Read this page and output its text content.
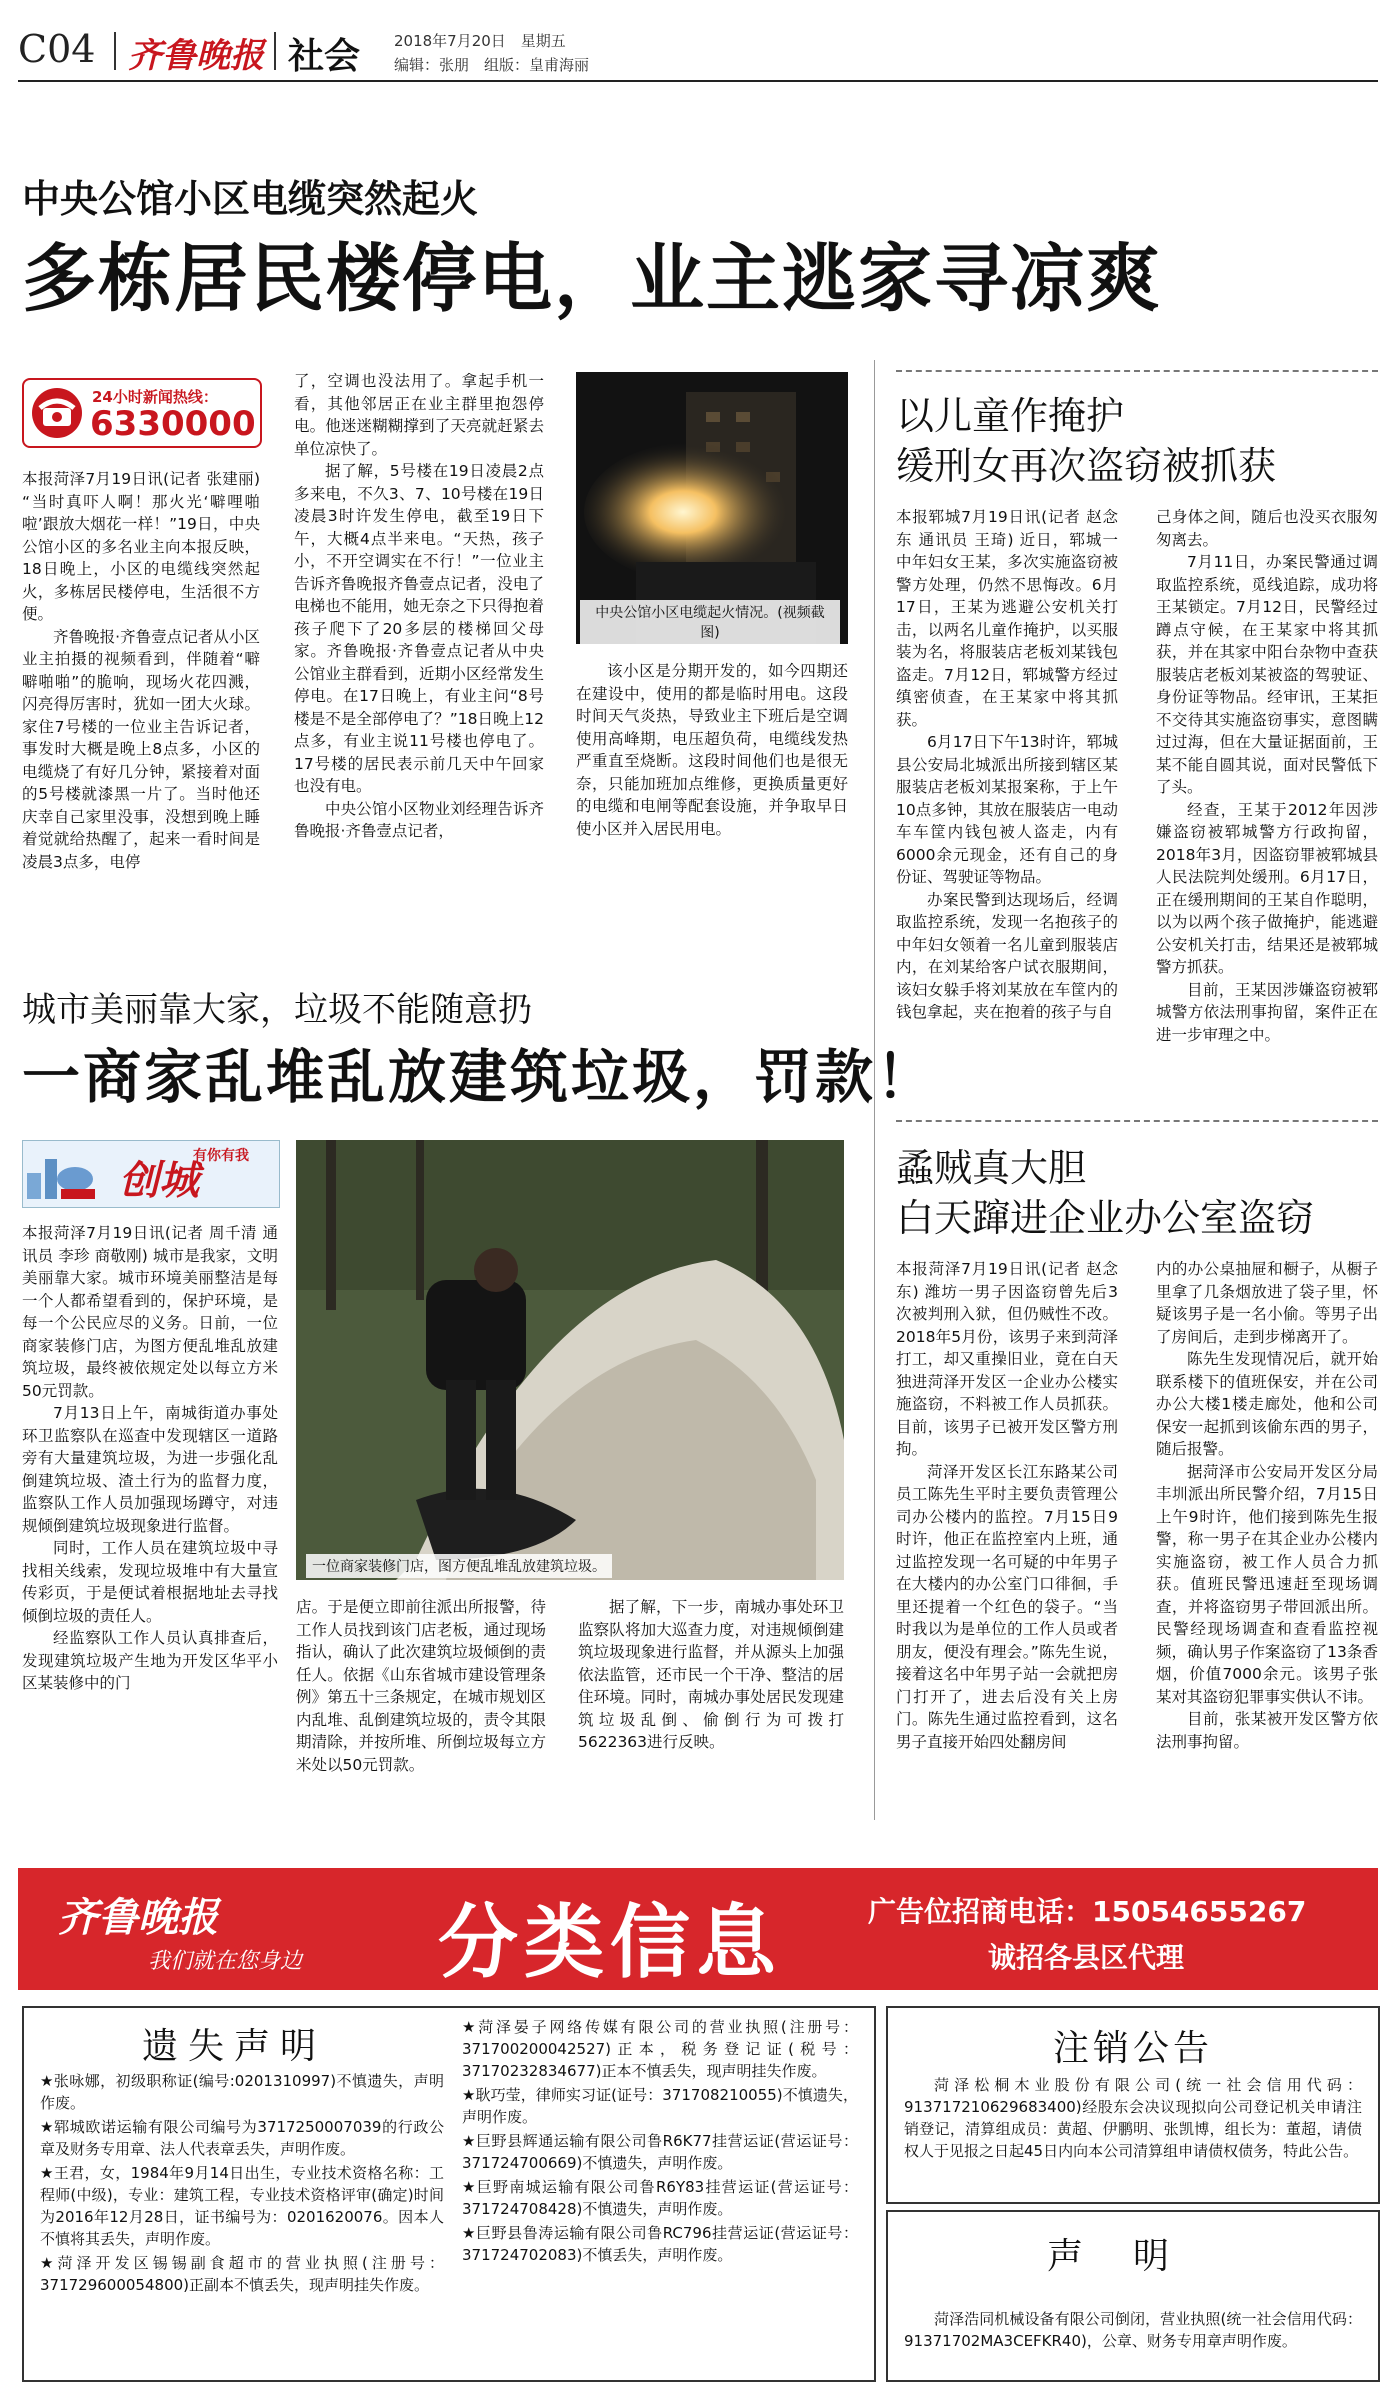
C04 齐鲁晚报 社会 2018年7月20日　星期五
编辑：张朋　组版：皇甫海丽
中央公馆小区电缆突然起火
多栋居民楼停电，业主逃家寻凉爽
24小时新闻热线：
6330000

本报菏泽7月19日讯(记者 张建丽) “当时真吓人啊！那火光‘噼哩啪啦’跟放大烟花一样！”19日，中央公馆小区的多名业主向本报反映，18日晚上，小区的电缆线突然起火，多栋居民楼停电，生活很不方便。

齐鲁晚报·齐鲁壹点记者从小区业主拍摄的视频看到，伴随着“噼噼啪啪”的脆响，现场火花四溅，闪亮得厉害时，犹如一团大火球。家住7号楼的一位业主告诉记者，事发时大概是晚上8点多，小区的电缆烧了有好几分钟，紧接着对面的5号楼就漆黑一片了。当时他还庆幸自己家里没事，没想到晚上睡着觉就给热醒了，起来一看时间是凌晨3点多，电停

了，空调也没法用了。拿起手机一看，其他邻居正在业主群里抱怨停电。他迷迷糊糊撑到了天亮就赶紧去单位凉快了。

据了解，5号楼在19日凌晨2点多来电，不久3、7、10号楼在19日凌晨3时许发生停电，截至19日下午，大概4点半来电。“天热，孩子小，不开空调实在不行！”一位业主告诉齐鲁晚报齐鲁壹点记者，没电了电梯也不能用，她无奈之下只得抱着孩子爬下了20多层的楼梯回父母家。齐鲁晚报·齐鲁壹点记者从中央公馆业主群看到，近期小区经常发生停电。在17日晚上，有业主问“8号楼是不是全部停电了？”18日晚上12点多，有业主说11号楼也停电了。17号楼的居民表示前几天中午回家也没有电。

中央公馆小区物业刘经理告诉齐鲁晚报·齐鲁壹点记者，

中央公馆小区电缆起火情况。(视频截图)

该小区是分期开发的，如今四期还在建设中，使用的都是临时用电。这段时间天气炎热，导致业主下班后是空调使用高峰期，电压超负荷，电缆线发热严重直至烧断。这段时间他们也是很无奈，只能加班加点维修，更换质量更好的电缆和电闸等配套设施，并争取早日使小区并入居民用电。

以儿童作掩护
缓刑女再次盗窃被抓获

本报郓城7月19日讯(记者 赵念东 通讯员 王琦) 近日，郓城一中年妇女王某，多次实施盗窃被警方处理，仍然不思悔改。6月17日，王某为逃避公安机关打击，以两名儿童作掩护，以买服装为名，将服装店老板刘某钱包盗走。7月12日，郓城警方经过缜密侦查，在王某家中将其抓获。

6月17日下午13时许，郓城县公安局北城派出所接到辖区某服装店老板刘某报案称，于上午10点多钟，其放在服装店一电动车车筐内钱包被人盗走，内有6000余元现金，还有自己的身份证、驾驶证等物品。

办案民警到达现场后，经调取监控系统，发现一名抱孩子的中年妇女领着一名儿童到服装店内，在刘某给客户试衣服期间，该妇女躲手将刘某放在车筐内的钱包拿起，夹在抱着的孩子与自

己身体之间，随后也没买衣服匆匆离去。

7月11日，办案民警通过调取监控系统，觅线追踪，成功将王某锁定。7月12日，民警经过蹲点守候，在王某家中将其抓获，并在其家中阳台杂物中查获服装店老板刘某被盗的驾驶证、身份证等物品。经审讯，王某拒不交待其实施盗窃事实，意图瞒过过海，但在大量证据面前，王某不能自圆其说，面对民警低下了头。

经查，王某于2012年因涉嫌盗窃被郓城警方行政拘留，2018年3月，因盗窃罪被郓城县人民法院判处缓刑。6月17日，正在缓刑期间的王某自作聪明，以为以两个孩子做掩护，能逃避公安机关打击，结果还是被郓城警方抓获。

目前，王某因涉嫌盗窃被郓城警方依法刑事拘留，案件正在进一步审理之中。

城市美丽靠大家，垃圾不能随意扔
一商家乱堆乱放建筑垃圾，罚款！
创城
有你有我

本报菏泽7月19日讯(记者 周千清 通讯员 李珍 商敬刚) 城市是我家，文明美丽靠大家。城市环境美丽整洁是每一个人都希望看到的，保护环境，是每一个公民应尽的义务。日前，一位商家装修门店，为图方便乱堆乱放建筑垃圾，最终被依规定处以每立方米50元罚款。

7月13日上午，南城街道办事处环卫监察队在巡查中发现辖区一道路旁有大量建筑垃圾，为进一步强化乱倒建筑垃圾、渣土行为的监督力度，监察队工作人员加强现场蹲守，对违规倾倒建筑垃圾现象进行监督。

同时，工作人员在建筑垃圾中寻找相关线索，发现垃圾堆中有大量宣传彩页，于是便试着根据地址去寻找倾倒垃圾的责任人。

经监察队工作人员认真排查后，发现建筑垃圾产生地为开发区华平小区某装修中的门

一位商家装修门店，图方便乱堆乱放建筑垃圾。

店。于是便立即前往派出所报警，待工作人员找到该门店老板，通过现场指认，确认了此次建筑垃圾倾倒的责任人。依据《山东省城市建设管理条例》第五十三条规定，在城市规划区内乱堆、乱倒建筑垃圾的，责令其限期清除，并按所堆、所倒垃圾每立方米处以50元罚款。

据了解，下一步，南城办事处环卫监察队将加大巡查力度，对违规倾倒建筑垃圾现象进行监督，并从源头上加强依法监管，还市民一个干净、整洁的居住环境。同时，南城办事处居民发现建筑垃圾乱倒、偷倒行为可拨打5622363进行反映。

蟊贼真大胆
白天蹿进企业办公室盗窃

本报菏泽7月19日讯(记者 赵念东) 潍坊一男子因盗窃曾先后3次被判刑入狱，但仍贼性不改。2018年5月份，该男子来到菏泽打工，却又重操旧业，竟在白天独进菏泽开发区一企业办公楼实施盗窃，不料被工作人员抓获。目前，该男子已被开发区警方刑拘。

菏泽开发区长江东路某公司员工陈先生平时主要负责管理公司办公楼内的监控。7月15日9时许，他正在监控室内上班，通过监控发现一名可疑的中年男子在大楼内的办公室门口徘徊，手里还提着一个红色的袋子。“当时我以为是单位的工作人员或者朋友，便没有理会。”陈先生说，接着这名中年男子站一会就把房门打开了，进去后没有关上房门。陈先生通过监控看到，这名男子直接开始四处翻房间

内的办公桌抽屉和橱子，从橱子里拿了几条烟放进了袋子里，怀疑该男子是一名小偷。等男子出了房间后，走到步梯离开了。

陈先生发现情况后，就开始联系楼下的值班保安，并在公司办公大楼1楼走廊处，他和公司保安一起抓到该偷东西的男子，随后报警。

据菏泽市公安局开发区分局丰圳派出所民警介绍，7月15日上午9时许，他们接到陈先生报警，称一男子在其企业办公楼内实施盗窃，被工作人员合力抓获。值班民警迅速赶至现场调查，并将盗窃男子带回派出所。民警经现场调查和查看监控视频，确认男子作案盗窃了13条香烟，价值7000余元。该男子张某对其盗窃犯罪事实供认不讳。

目前，张某被开发区警方依法刑事拘留。

齐鲁晚报
我们就在您身边 分类信息	广告位招商电话：15054655267
诚招各县区代理
遗失声明

★张咏娜，初级职称证(编号:0201310997)不慎遗失，声明作废。

★郓城欧诺运输有限公司编号为371725000703​9的行政公章及财务专用章、法人代表章丢失，声明作废。

★王君，女，1984年9月14日出生，专业技术资格名称：工程师(中级)，专业：建筑工程，专业技术资格评审(确定)时间为2016年12月28日，证书编号为：0201620076。因本人不慎将其丢失，声明作废。

★菏泽开发区锡锡副食超市的营业执照(注册号：371729600054800)正副本不慎丢失，现声明挂失作废。

★菏泽晏子网络传媒有限公司的营业执照(注册号：371700200042527)正本，税务登记证(税号：37170232834677)正本不慎丢失，现声明挂失作废。

★耿巧莹，律师实习证(证号：3717082100​55)不慎遗失，声明作废。

★巨野县辉通运输有限公司鲁R6K77挂营运证(营运证号：371724700669)不慎遗失，声明作废。

★巨野南城运输有限公司鲁R6Y83挂营运证(营运证号：371724708428)不慎遗失，声明作废。

★巨野县鲁涛运输有限公司鲁RC796挂营运证(营运证号：371724702083)不慎丢失，声明作废。

注销公告
菏泽松桐木业股份有限公司(统一社会信用代码：913717210629683400)经股东会决议现拟向公司登记机关申请注销登记，清算组成员：黄超、伊鹏明、张凯博，组长为：董超，请债权人于见报之日起45日内向本公司清算组申请债权债务，特此公告。
声明
菏泽浩同机械设备有限公司倒闭，营业执照(统一社会信用代码：91371702MA3CEFKR40)，公章、财务专用章声明作废。
